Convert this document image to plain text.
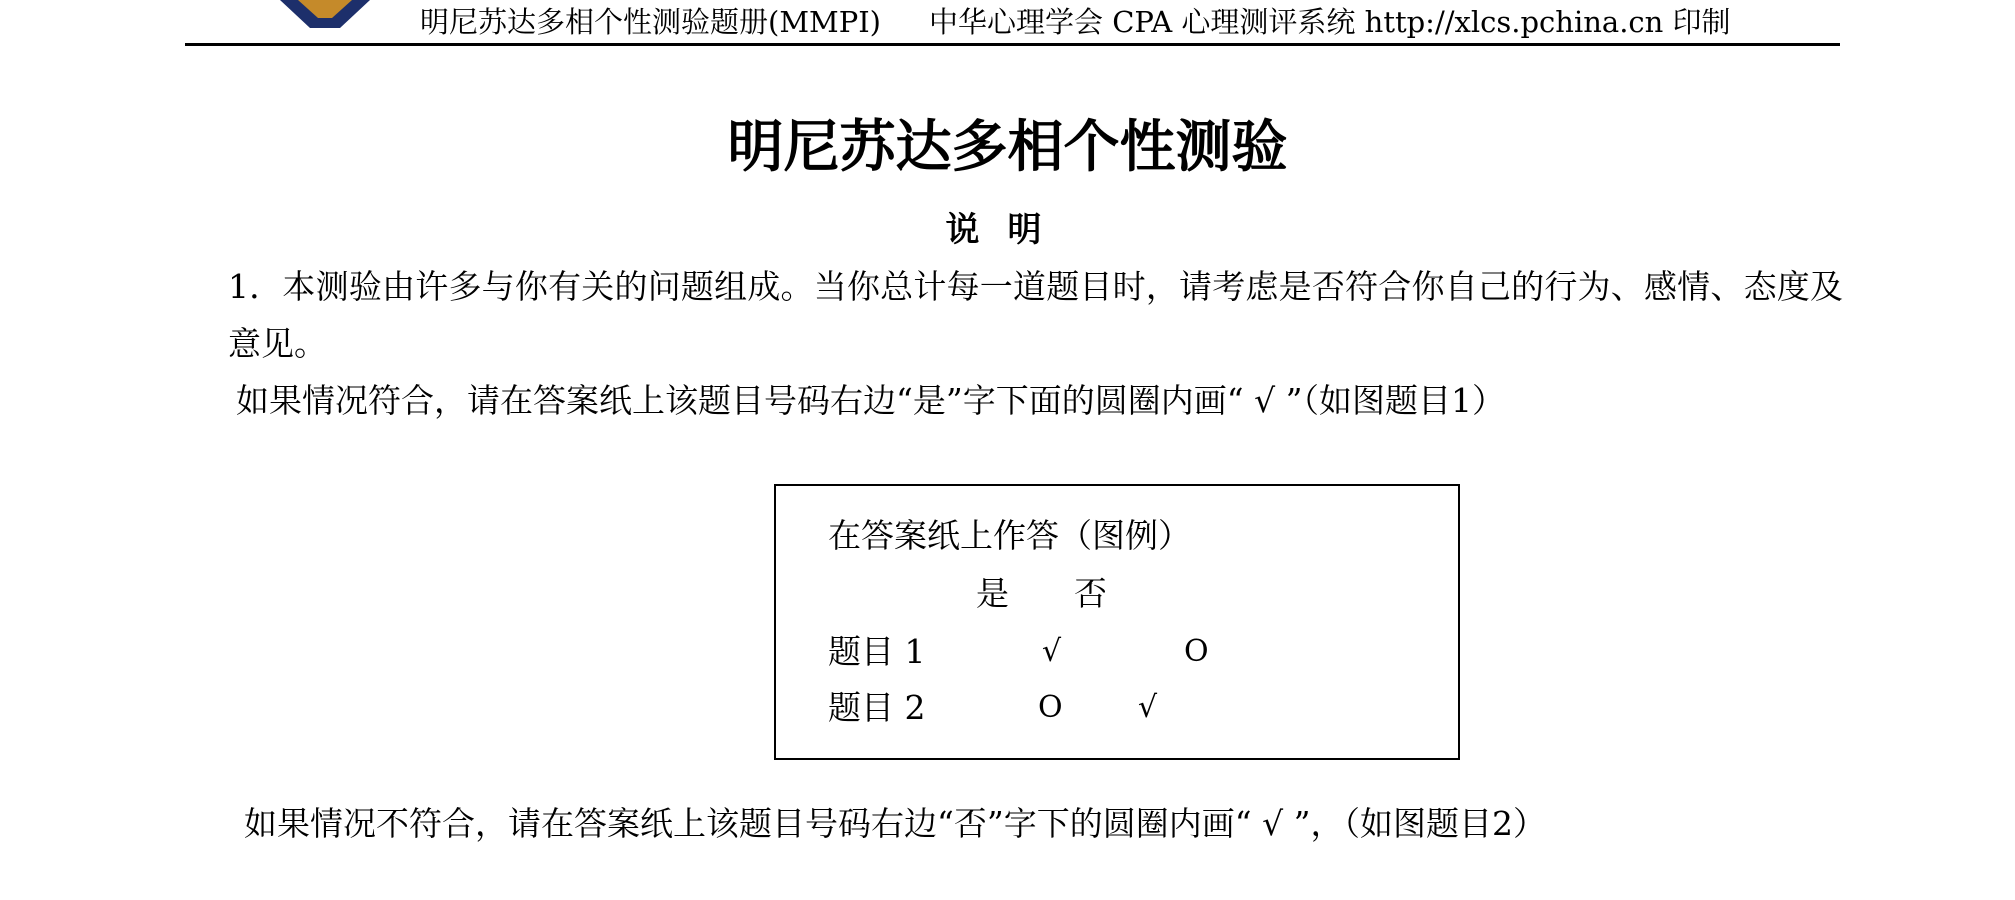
明尼苏达多相个性测验题册(MMPI) 中华心理学会 CPA 心理测评系统 http://xlcs.pchina.cn 印制
明尼苏达多相个性测验
说明
1．本测验由许多与你有关的问题组成。当你总计每一道题目时，请考虑是否符合你自己的行为、感情、态度及意见。
如果情况符合，请在答案纸上该题目号码右边“是”字下面的圆圈内画“ √ ”（如图题目1）
在答案纸上作答（图例）
是 否
题目 1	√	O
题目 2	O	√
如果情况不符合，请在答案纸上该题目号码右边“否”字下的圆圈内画“ √ ”，（如图题目2）
